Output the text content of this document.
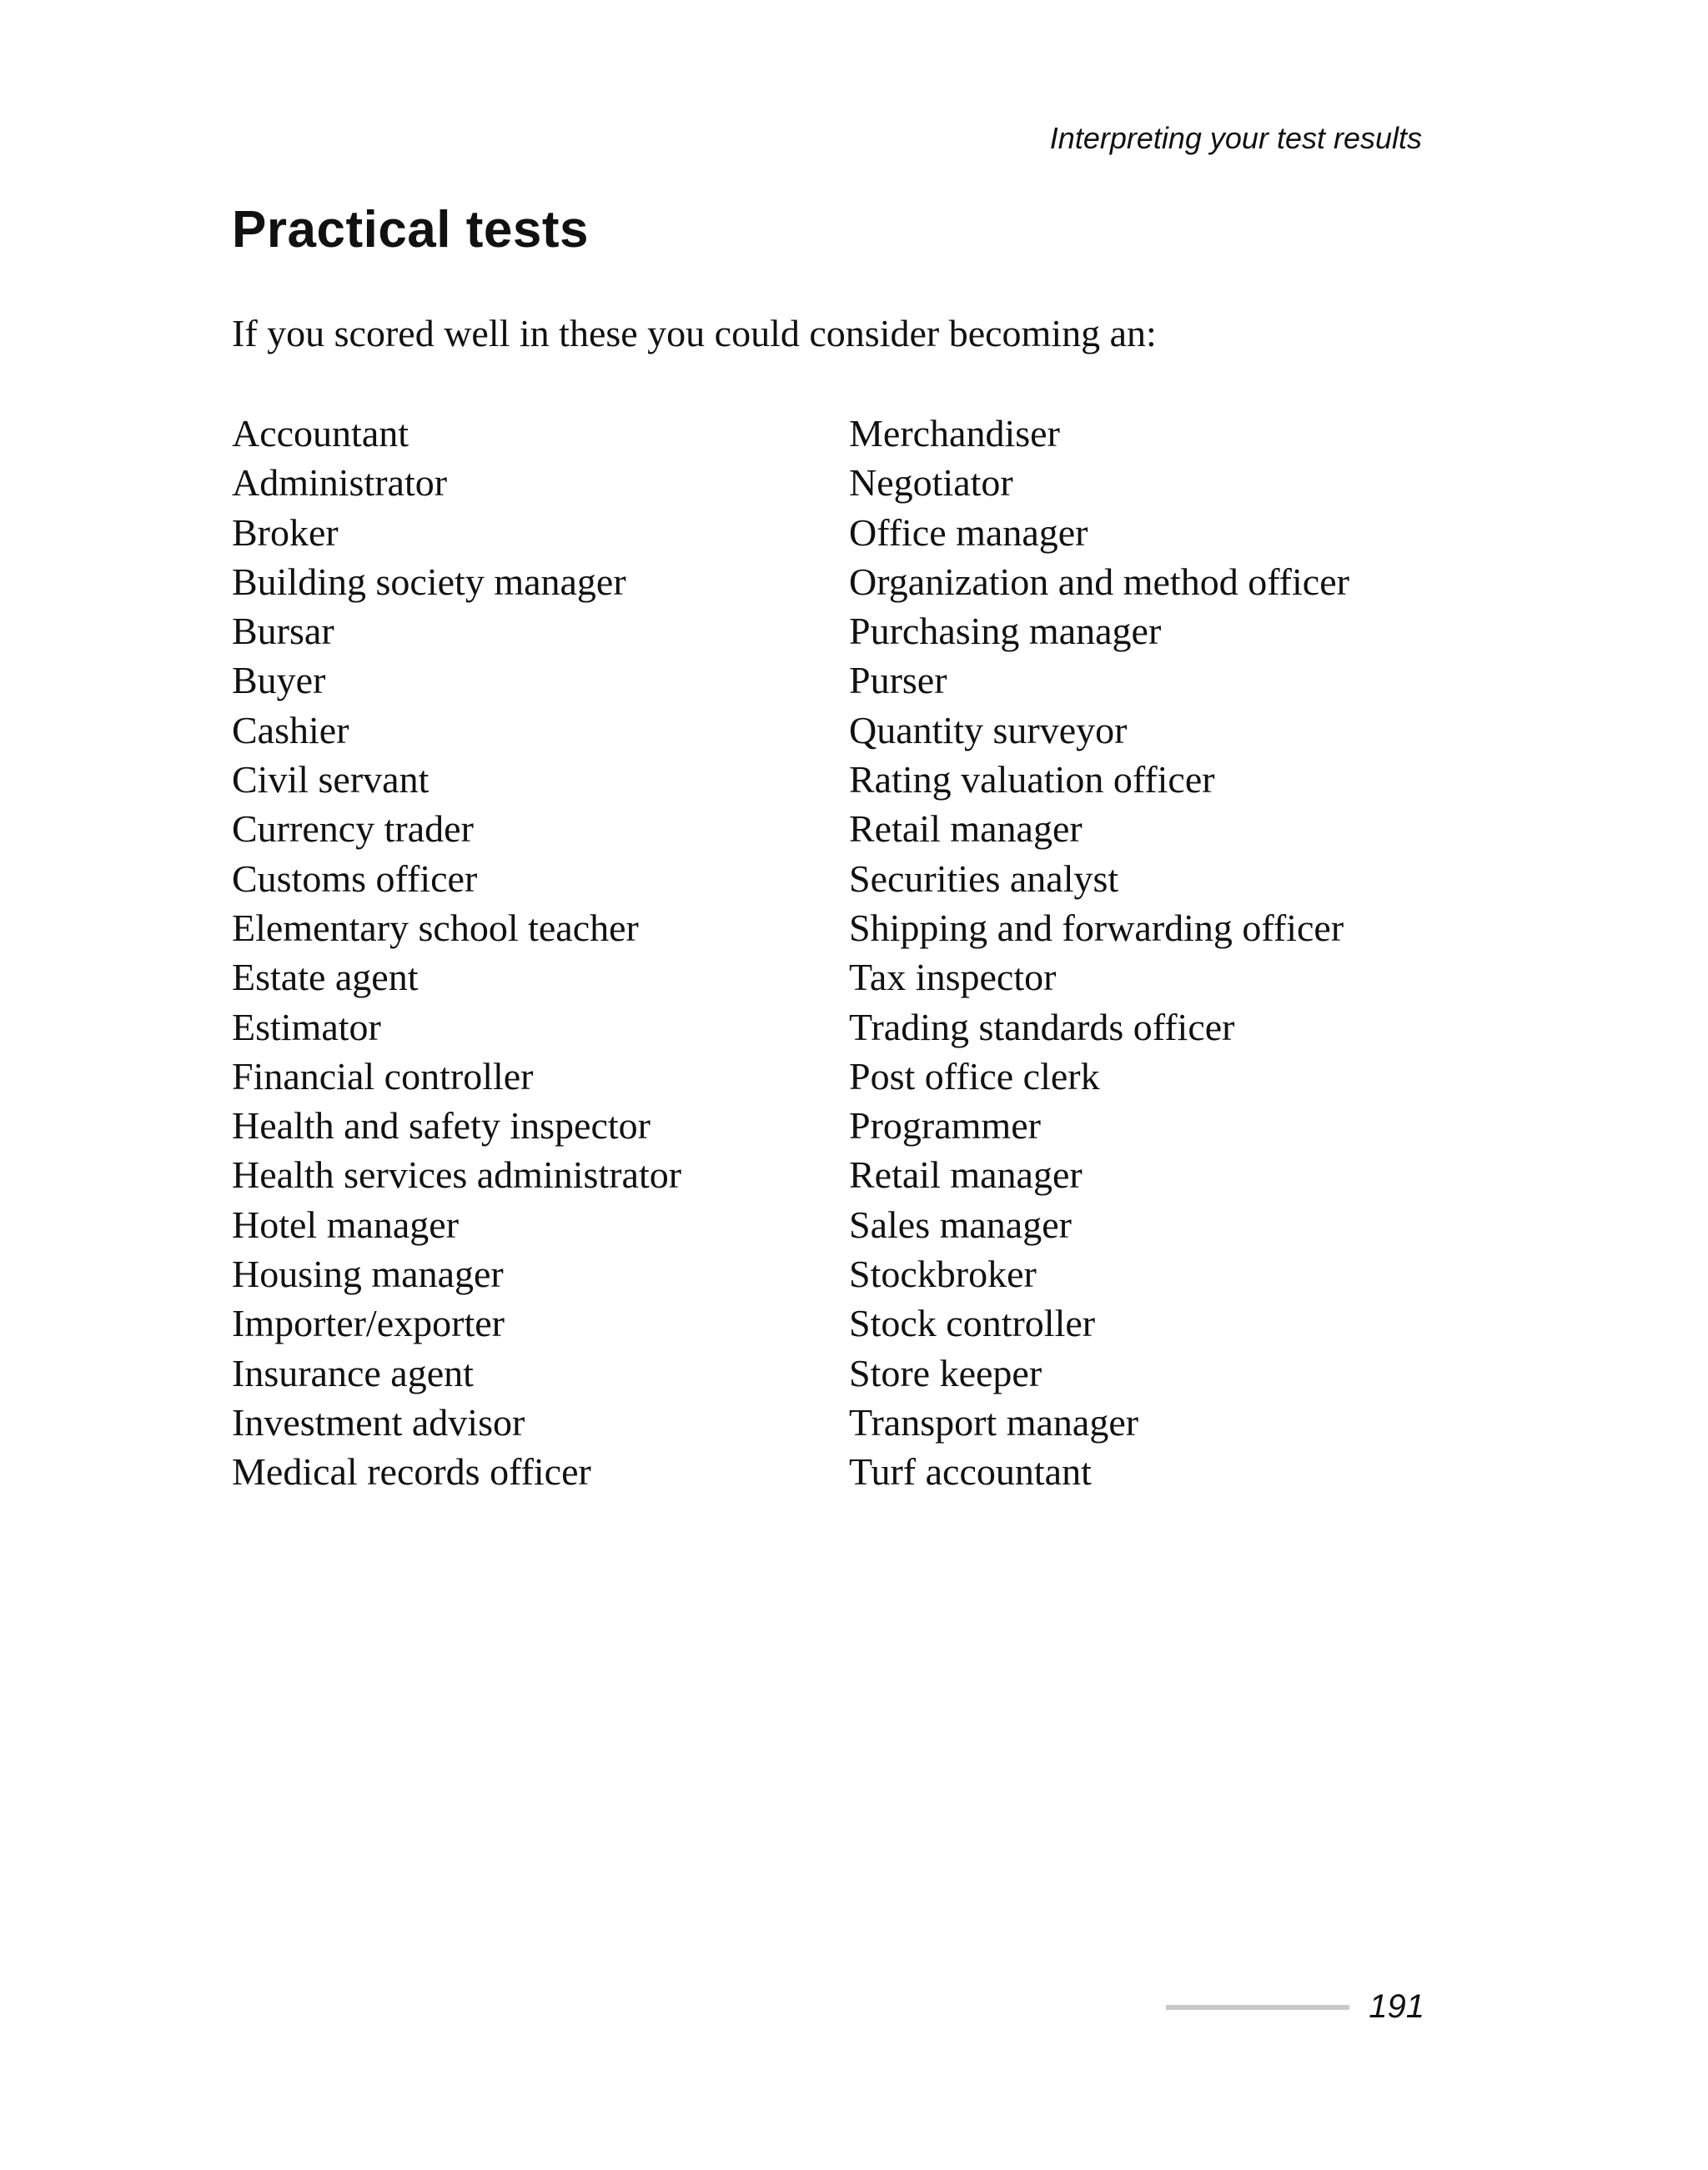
Interpreting your test results
Practical tests

If you scored well in these you could consider becoming an:

Accountant
Administrator
Broker
Building society manager
Bursar
Buyer
Cashier
Civil servant
Currency trader
Customs officer
Elementary school teacher
Estate agent
Estimator
Financial controller
Health and safety inspector
Health services administrator
Hotel manager
Housing manager
Importer/exporter
Insurance agent
Investment advisor
Medical records officer
Merchandiser
Negotiator
Office manager
Organization and method officer
Purchasing manager
Purser
Quantity surveyor
Rating valuation officer
Retail manager
Securities analyst
Shipping and forwarding officer
Tax inspector
Trading standards officer
Post office clerk
Programmer
Retail manager
Sales manager
Stockbroker
Stock controller
Store keeper
Transport manager
Turf accountant
191
